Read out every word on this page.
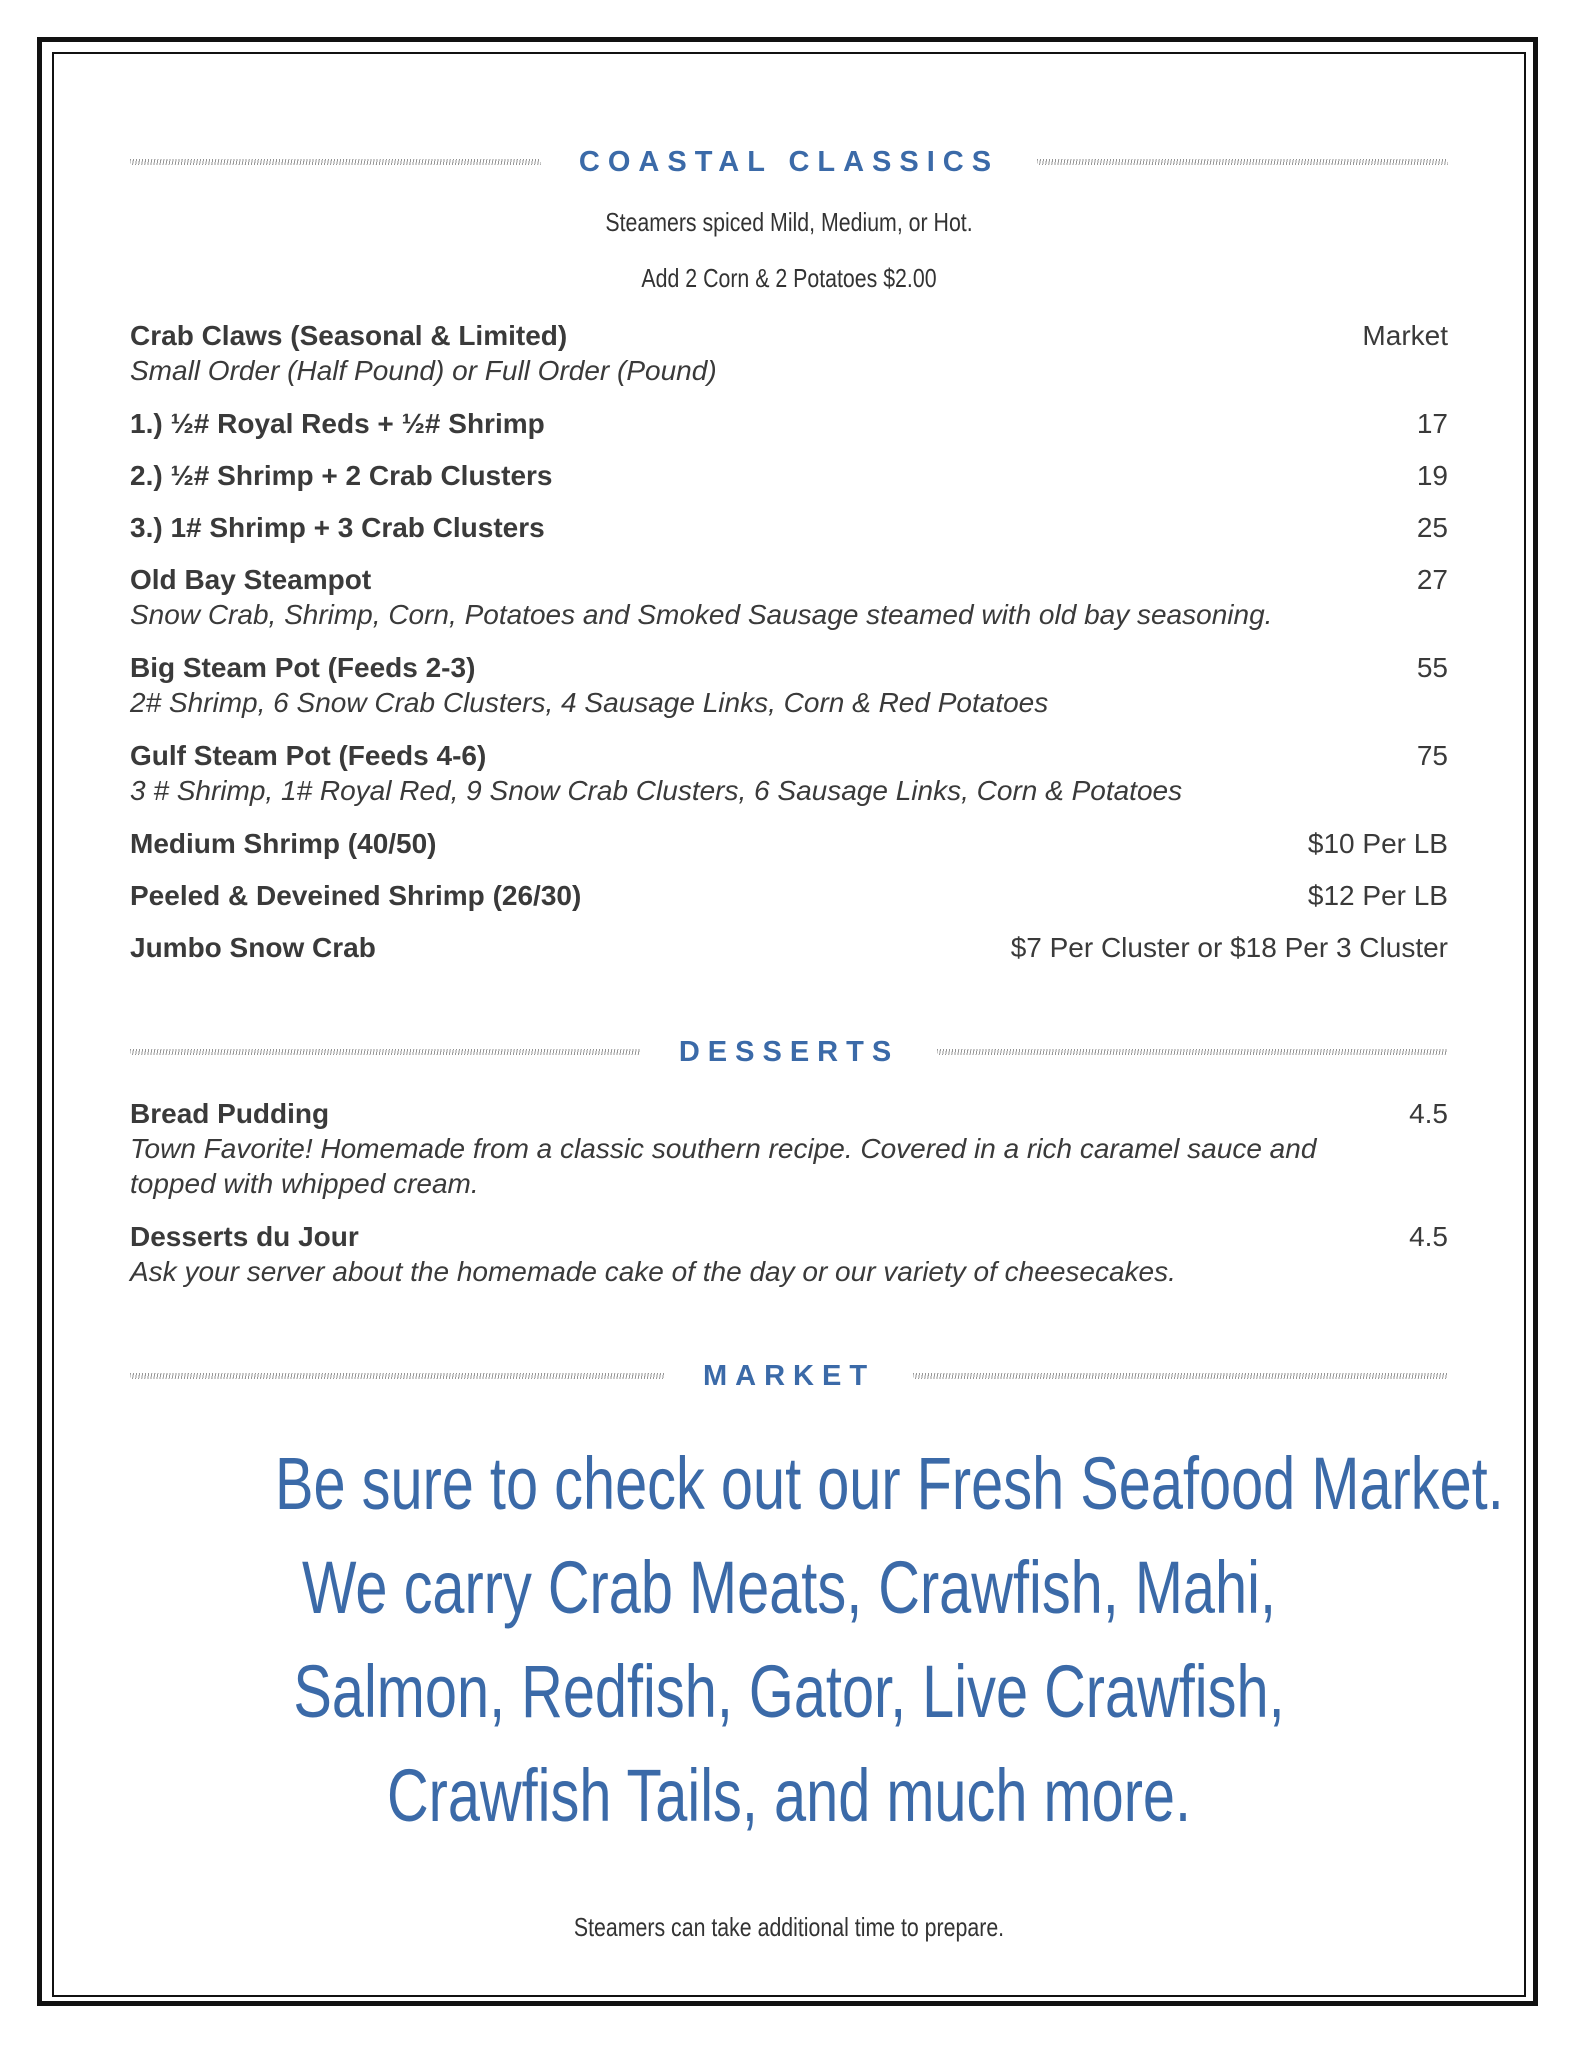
COASTAL CLASSICS
Steamers spiced Mild, Medium, or Hot.
Add 2 Corn & 2 Potatoes $2.00
Crab Claws (Seasonal & Limited)	Market
Small Order (Half Pound) or Full Order (Pound)
1.) ½# Royal Reds + ½# Shrimp	17
2.) ½# Shrimp + 2 Crab Clusters	19
3.) 1# Shrimp + 3 Crab Clusters	25
Old Bay Steampot	27
Snow Crab, Shrimp, Corn, Potatoes and Smoked Sausage steamed with old bay seasoning.
Big Steam Pot (Feeds 2-3)	55
2# Shrimp, 6 Snow Crab Clusters, 4 Sausage Links, Corn & Red Potatoes
Gulf Steam Pot (Feeds 4-6)	75
3 # Shrimp, 1# Royal Red, 9 Snow Crab Clusters, 6 Sausage Links, Corn & Potatoes
Medium Shrimp (40/50)	$10 Per LB
Peeled & Deveined Shrimp (26/30)	$12 Per LB
Jumbo Snow Crab	$7 Per Cluster or $18 Per 3 Cluster
DESSERTS
Bread Pudding	4.5
Town Favorite! Homemade from a classic southern recipe. Covered in a rich caramel sauce and topped with whipped cream.
Desserts du Jour	4.5
Ask your server about the homemade cake of the day or our variety of cheesecakes.
MARKET
Be sure to check out our Fresh Seafood Market.
We carry Crab Meats, Crawfish, Mahi,
Salmon, Redfish, Gator, Live Crawfish,
Crawfish Tails, and much more.
Steamers can take additional time to prepare.
